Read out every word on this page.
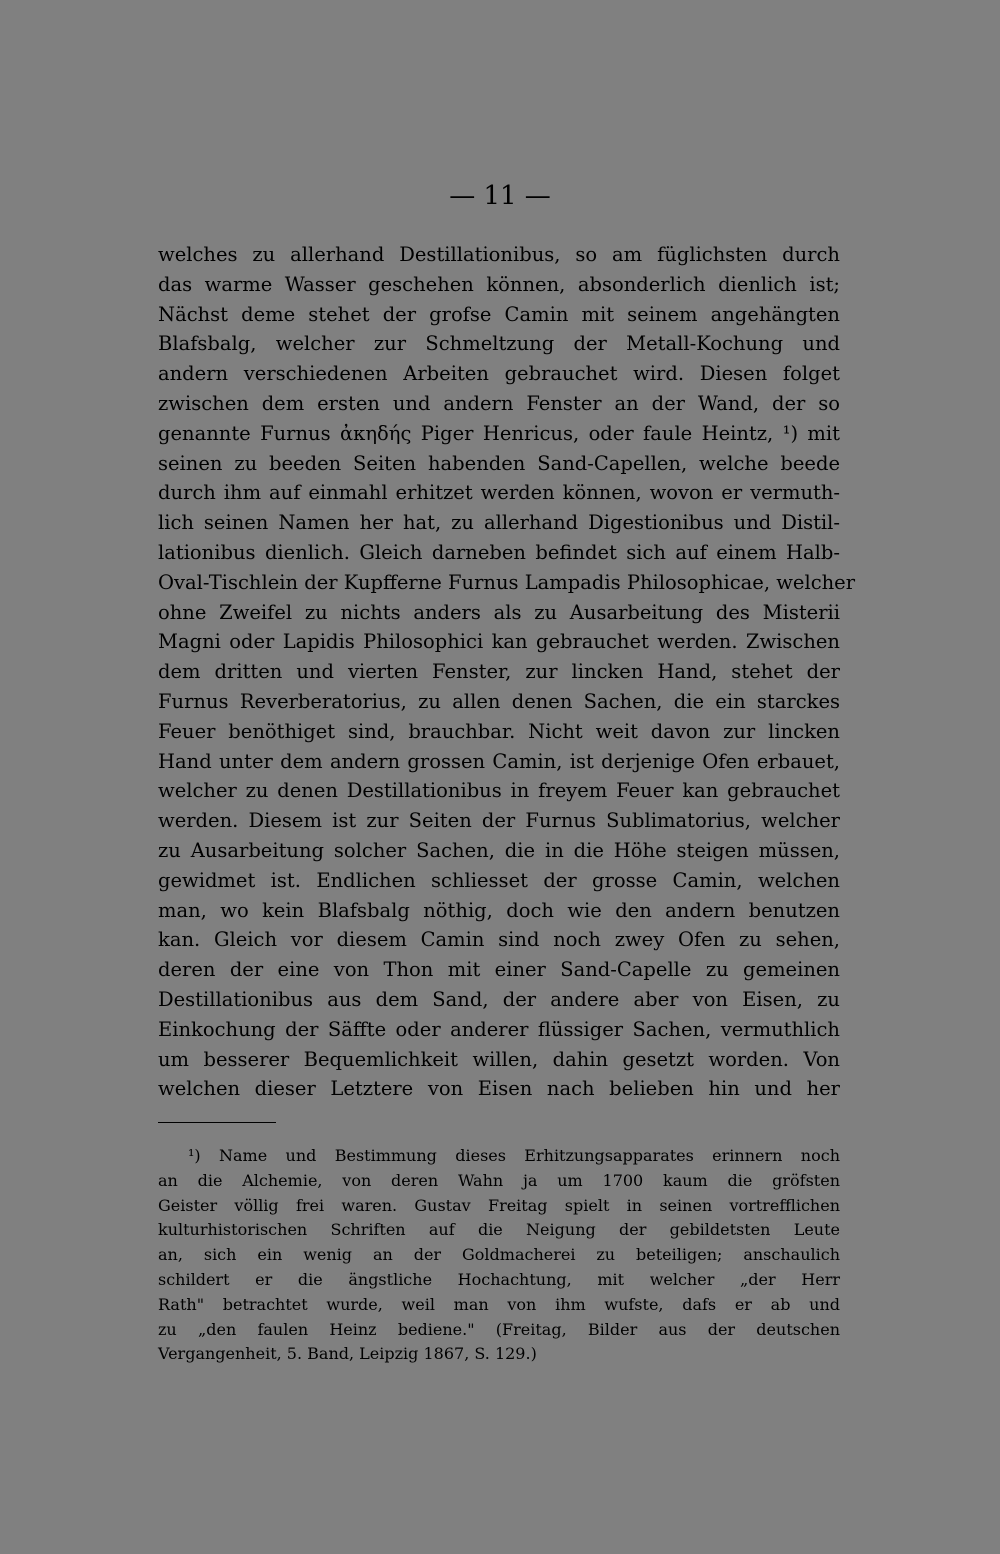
— 11 —
welches zu allerhand Destillationibus, so am füglichsten durch
das warme Wasser geschehen können, absonderlich dienlich ist;
Nächst deme stehet der grofse Camin mit seinem angehängten
Blafsbalg, welcher zur Schmeltzung der Metall-Kochung und
andern verschiedenen Arbeiten gebrauchet wird. Diesen folget
zwischen dem ersten und andern Fenster an der Wand, der so
genannte Furnus ἀκηδής Piger Henricus, oder faule Heintz, ¹) mit
seinen zu beeden Seiten habenden Sand-Capellen, welche beede
durch ihm auf einmahl erhitzet werden können, wovon er vermuth-
lich seinen Namen her hat, zu allerhand Digestionibus und Distil-
lationibus dienlich. Gleich darneben befindet sich auf einem Halb-
Oval-Tischlein der Kupfferne Furnus Lampadis Philosophicae, welcher
ohne Zweifel zu nichts anders als zu Ausarbeitung des Misterii
Magni oder Lapidis Philosophici kan gebrauchet werden. Zwischen
dem dritten und vierten Fenster, zur lincken Hand, stehet der
Furnus Reverberatorius, zu allen denen Sachen, die ein starckes
Feuer benöthiget sind, brauchbar. Nicht weit davon zur lincken
Hand unter dem andern grossen Camin, ist derjenige Ofen erbauet,
welcher zu denen Destillationibus in freyem Feuer kan gebrauchet
werden. Diesem ist zur Seiten der Furnus Sublimatorius, welcher
zu Ausarbeitung solcher Sachen, die in die Höhe steigen müssen,
gewidmet ist. Endlichen schliesset der grosse Camin, welchen
man, wo kein Blafsbalg nöthig, doch wie den andern benutzen
kan. Gleich vor diesem Camin sind noch zwey Ofen zu sehen,
deren der eine von Thon mit einer Sand-Capelle zu gemeinen
Destillationibus aus dem Sand, der andere aber von Eisen, zu
Einkochung der Säffte oder anderer flüssiger Sachen, vermuthlich
um besserer Bequemlichkeit willen, dahin gesetzt worden. Von
welchen dieser Letztere von Eisen nach belieben hin und her
¹) Name und Bestimmung dieses Erhitzungsapparates erinnern noch
an die Alchemie, von deren Wahn ja um 1700 kaum die gröfsten
Geister völlig frei waren. Gustav Freitag spielt in seinen vortrefflichen
kulturhistorischen Schriften auf die Neigung der gebildetsten Leute
an, sich ein wenig an der Goldmacherei zu beteiligen; anschaulich
schildert er die ängstliche Hochachtung, mit welcher „der Herr
Rath" betrachtet wurde, weil man von ihm wufste, dafs er ab und
zu „den faulen Heinz bediene." (Freitag, Bilder aus der deutschen
Vergangenheit, 5. Band, Leipzig 1867, S. 129.)
